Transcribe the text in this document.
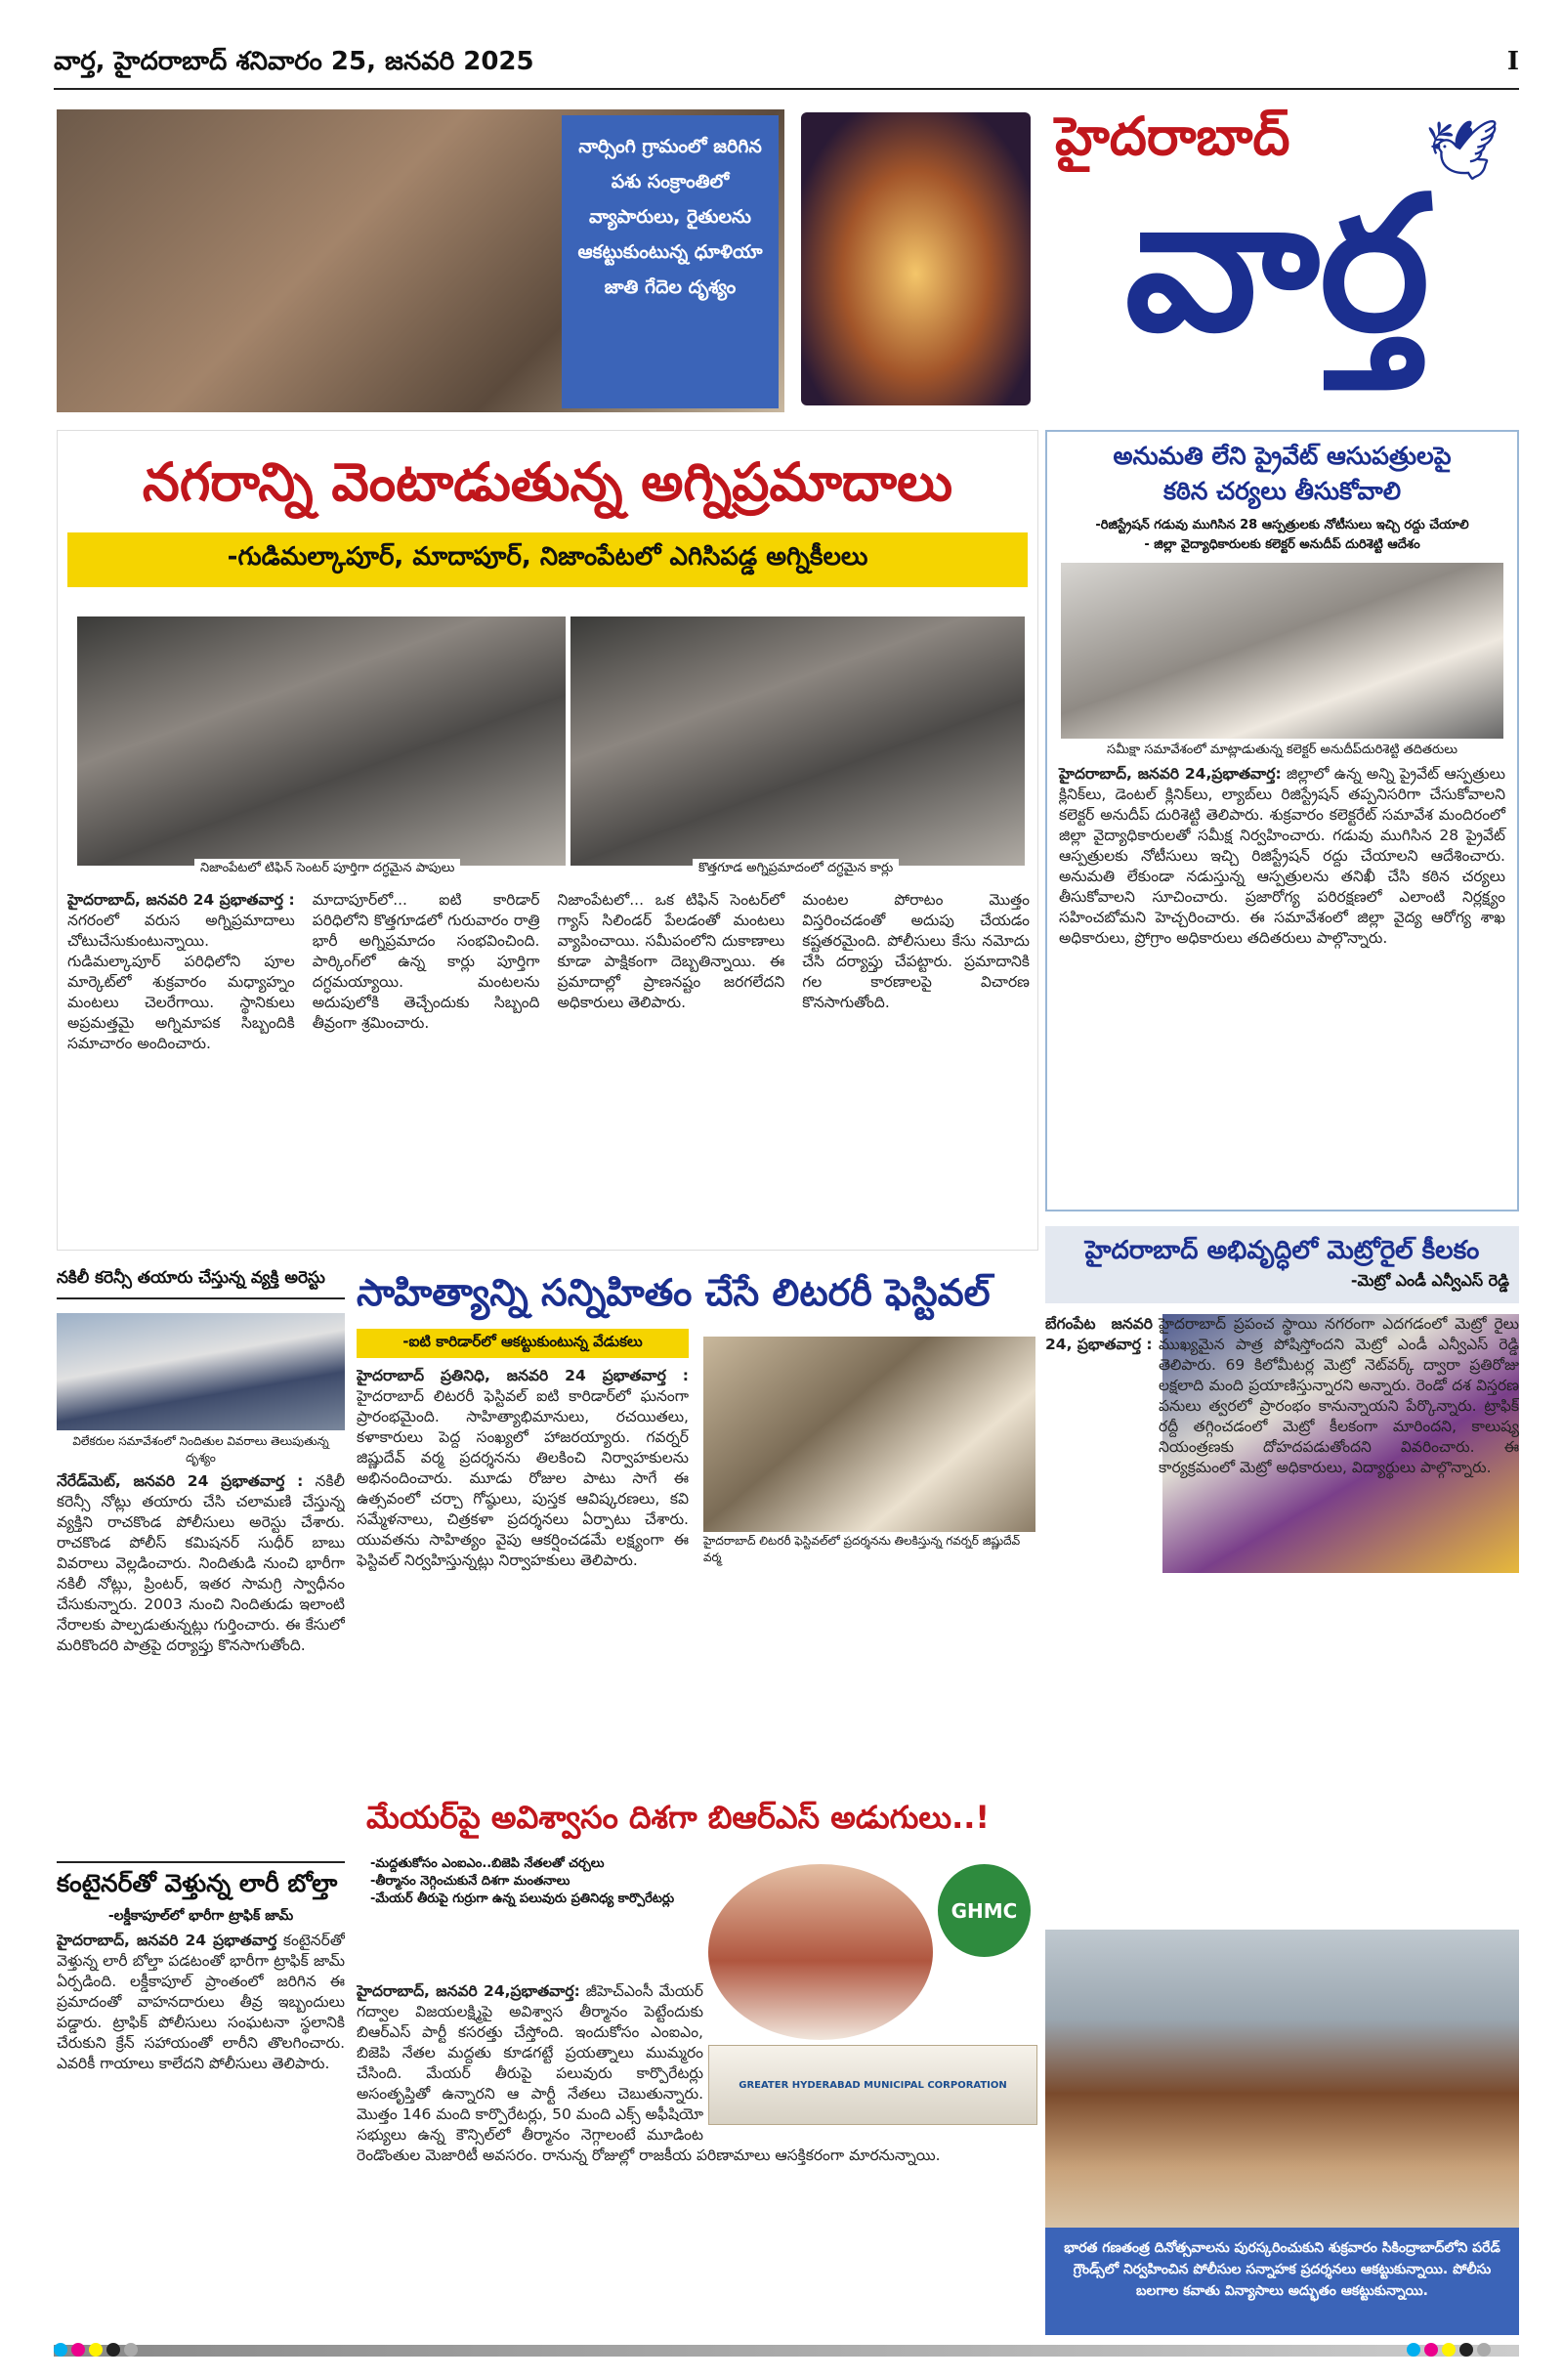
వార్త, హైదరాబాద్ శనివారం 25, జనవరి 2025	I
నార్సింగి గ్రామంలో జరిగిన పశు సంక్రాంతిలో వ్యాపారులు, రైతులను ఆకట్టుకుంటున్న ధూళియా జాతి గేదెల దృశ్యం
హైదరాబాద్	🕊
వార్త
నగరాన్ని వెంటాడుతున్న అగ్నిప్రమాదాలు
-గుడిమల్కాపూర్, మాదాపూర్, నిజాంపేటలో ఎగిసిపడ్డ అగ్నికీలలు
నిజాంపేటలో టిఫిన్ సెంటర్ పూర్తిగా దగ్ధమైన పాపులు	కొత్తగూడ అగ్నిప్రమాదంలో దగ్ధమైన కార్లు

హైదరాబాద్, జనవరి 24 ప్రభాతవార్త : నగరంలో వరుస అగ్నిప్రమాదాలు చోటుచేసుకుంటున్నాయి. గుడిమల్కాపూర్ పరిధిలోని పూల మార్కెట్‌లో శుక్రవారం మధ్యాహ్నం మంటలు చెలరేగాయి. స్థానికులు అప్రమత్తమై అగ్నిమాపక సిబ్బందికి సమాచారం అందించారు.

మాదాపూర్‌లో... ఐటి కారిడార్ పరిధిలోని కొత్తగూడలో గురువారం రాత్రి భారీ అగ్నిప్రమాదం సంభవించింది. పార్కింగ్‌లో ఉన్న కార్లు పూర్తిగా దగ్ధమయ్యాయి. మంటలను అదుపులోకి తెచ్చేందుకు సిబ్బంది తీవ్రంగా శ్రమించారు.

నిజాంపేటలో... ఒక టిఫిన్ సెంటర్‌లో గ్యాస్ సిలిండర్ పేలడంతో మంటలు వ్యాపించాయి. సమీపంలోని దుకాణాలు కూడా పాక్షికంగా దెబ్బతిన్నాయి. ఈ ప్రమాదాల్లో ప్రాణనష్టం జరగలేదని అధికారులు తెలిపారు.

మంటల పోరాటం మొత్తం విస్తరించడంతో అదుపు చేయడం కష్టతరమైంది. పోలీసులు కేసు నమోదు చేసి దర్యాప్తు చేపట్టారు. ప్రమాదానికి గల కారణాలపై విచారణ కొనసాగుతోంది.

అనుమతి లేని ప్రైవేట్ ఆసుపత్రులపై
కఠిన చర్యలు తీసుకోవాలి
-రిజిస్ట్రేషన్ గడువు ముగిసిన 28 ఆస్పత్రులకు నోటీసులు ఇచ్చి రద్దు చేయాలి
- జిల్లా వైద్యాధికారులకు కలెక్టర్ అనుదీప్ దురిశెట్టి ఆదేశం
సమీక్షా సమావేశంలో మాట్లాడుతున్న కలెక్టర్ అనుదీప్‌దురిశెట్టి తదితరులు

హైదరాబాద్, జనవరి 24,ప్రభాతవార్త: జిల్లాలో ఉన్న అన్ని ప్రైవేట్ ఆస్పత్రులు క్లినిక్‌లు, డెంటల్ క్లినిక్‌లు, ల్యాబ్‌లు రిజిస్ట్రేషన్ తప్పనిసరిగా చేసుకోవాలని కలెక్టర్ అనుదీప్ దురిశెట్టి తెలిపారు. శుక్రవారం కలెక్టరేట్ సమావేశ మందిరంలో జిల్లా వైద్యాధికారులతో సమీక్ష నిర్వహించారు. గడువు ముగిసిన 28 ప్రైవేట్ ఆస్పత్రులకు నోటీసులు ఇచ్చి రిజిస్ట్రేషన్ రద్దు చేయాలని ఆదేశించారు. అనుమతి లేకుండా నడుస్తున్న ఆస్పత్రులను తనిఖీ చేసి కఠిన చర్యలు తీసుకోవాలని సూచించారు. ప్రజారోగ్య పరిరక్షణలో ఎలాంటి నిర్లక్ష్యం సహించబోమని హెచ్చరించారు. ఈ సమావేశంలో జిల్లా వైద్య ఆరోగ్య శాఖ అధికారులు, ప్రోగ్రాం అధికారులు తదితరులు పాల్గొన్నారు.

హైదరాబాద్ అభివృద్ధిలో మెట్రోరైల్ కీలకం
-మెట్రో ఎండీ ఎన్వీఎస్ రెడ్డి

బేగంపేట జనవరి 24, ప్రభాతవార్త :

హైదరాబాద్ ప్రపంచ స్థాయి నగరంగా ఎదగడంలో మెట్రో రైలు ముఖ్యమైన పాత్ర పోషిస్తోందని మెట్రో ఎండీ ఎన్వీఎస్ రెడ్డి తెలిపారు. 69 కిలోమీటర్ల మెట్రో నెట్‌వర్క్ ద్వారా ప్రతిరోజు లక్షలాది మంది ప్రయాణిస్తున్నారని అన్నారు. రెండో దశ విస్తరణ పనులు త్వరలో ప్రారంభం కానున్నాయని పేర్కొన్నారు. ట్రాఫిక్ రద్దీ తగ్గించడంలో మెట్రో కీలకంగా మారిందని, కాలుష్య నియంత్రణకు దోహదపడుతోందని వివరించారు. ఈ కార్యక్రమంలో మెట్రో అధికారులు, విద్యార్థులు పాల్గొన్నారు.

నకిలీ కరెన్సీ తయారు చేస్తున్న వ్యక్తి అరెస్టు
విలేకరుల సమావేశంలో నిందితుల వివరాలు తెలుపుతున్న దృశ్యం

నేరేడ్‌మెట్, జనవరి 24 ప్రభాతవార్త : నకిలీ కరెన్సీ నోట్లు తయారు చేసి చలామణి చేస్తున్న వ్యక్తిని రాచకొండ పోలీసులు అరెస్టు చేశారు. రాచకొండ పోలీస్ కమిషనర్ సుధీర్ బాబు వివరాలు వెల్లడించారు. నిందితుడి నుంచి భారీగా నకిలీ నోట్లు, ప్రింటర్, ఇతర సామగ్రి స్వాధీనం చేసుకున్నారు. 2003 నుంచి నిందితుడు ఇలాంటి నేరాలకు పాల్పడుతున్నట్లు గుర్తించారు. ఈ కేసులో మరికొందరి పాత్రపై దర్యాప్తు కొనసాగుతోంది.

సాహిత్యాన్ని సన్నిహితం చేసే లిటరరీ ఫెస్టివల్
-ఐటి కారిడార్‌లో ఆకట్టుకుంటున్న వేడుకలు

హైదరాబాద్ ప్రతినిధి, జనవరి 24 ప్రభాతవార్త : హైదరాబాద్ లిటరరీ ఫెస్టివల్ ఐటి కారిడార్‌లో ఘనంగా ప్రారంభమైంది. సాహిత్యాభిమానులు, రచయితలు, కళాకారులు పెద్ద సంఖ్యలో హాజరయ్యారు. గవర్నర్ జిష్ణుదేవ్ వర్మ ప్రదర్శనను తిలకించి నిర్వాహకులను అభినందించారు. మూడు రోజుల పాటు సాగే ఈ ఉత్సవంలో చర్చా గోష్ఠులు, పుస్తక ఆవిష్కరణలు, కవి సమ్మేళనాలు, చిత్రకళా ప్రదర్శనలు ఏర్పాటు చేశారు. యువతను సాహిత్యం వైపు ఆకర్షించడమే లక్ష్యంగా ఈ ఫెస్టివల్ నిర్వహిస్తున్నట్లు నిర్వాహకులు తెలిపారు.

హైదరాబాద్ లిటరరీ ఫెస్టివల్‌లో ప్రదర్శనను తిలకిస్తున్న గవర్నర్ జిష్ణుదేవ్ వర్మ
మేయర్‌పై అవిశ్వాసం దిశగా బిఆర్ఎస్ అడుగులు..!
-మద్దతుకోసం ఎంఐఎం..బిజెపి నేతలతో చర్చలు
-తీర్మానం నెగ్గించుకునే దిశగా మంతనాలు
-మేయర్ తీరుపై గుర్రుగా ఉన్న పలువురు ప్రతినిధ్య కార్పొరేటర్లు	GHMC
GREATER HYDERABAD MUNICIPAL CORPORATION

హైదరాబాద్, జనవరి 24,ప్రభాతవార్త: జీహెచ్ఎంసీ మేయర్ గద్వాల విజయలక్ష్మిపై అవిశ్వాస తీర్మానం పెట్టేందుకు బిఆర్ఎస్ పార్టీ కసరత్తు చేస్తోంది. ఇందుకోసం ఎంఐఎం, బిజెపి నేతల మద్దతు కూడగట్టే ప్రయత్నాలు ముమ్మరం చేసింది. మేయర్ తీరుపై పలువురు కార్పొరేటర్లు అసంతృప్తితో ఉన్నారని ఆ పార్టీ నేతలు చెబుతున్నారు. మొత్తం 146 మంది కార్పొరేటర్లు, 50 మంది ఎక్స్ అఫీషియో సభ్యులు ఉన్న కౌన్సిల్‌లో తీర్మానం నెగ్గాలంటే మూడింట రెండొంతుల మెజారిటీ అవసరం. రానున్న రోజుల్లో రాజకీయ పరిణామాలు ఆసక్తికరంగా మారనున్నాయి.

కంటైనర్‌తో వెళ్తున్న లారీ బోల్తా
-లక్డీకాపూల్‌లో భారీగా ట్రాఫిక్ జామ్

హైదరాబాద్, జనవరి 24 ప్రభాతవార్త కంటైనర్‌తో వెళ్తున్న లారీ బోల్తా పడటంతో భారీగా ట్రాఫిక్ జామ్ ఏర్పడింది. లక్డీకాపూల్ ప్రాంతంలో జరిగిన ఈ ప్రమాదంతో వాహనదారులు తీవ్ర ఇబ్బందులు పడ్డారు. ట్రాఫిక్ పోలీసులు సంఘటనా స్థలానికి చేరుకుని క్రేన్ సహాయంతో లారీని తొలగించారు. ఎవరికీ గాయాలు కాలేదని పోలీసులు తెలిపారు.

భారత గణతంత్ర దినోత్సవాలను పురస్కరించుకుని శుక్రవారం సికింద్రాబాద్‌లోని పరేడ్ గ్రౌండ్స్‌లో నిర్వహించిన పోలీసుల సన్నాహక ప్రదర్శనలు ఆకట్టుకున్నాయి. పోలీసు బలగాల కవాతు విన్యాసాలు అద్భుతం ఆకట్టుకున్నాయి.
